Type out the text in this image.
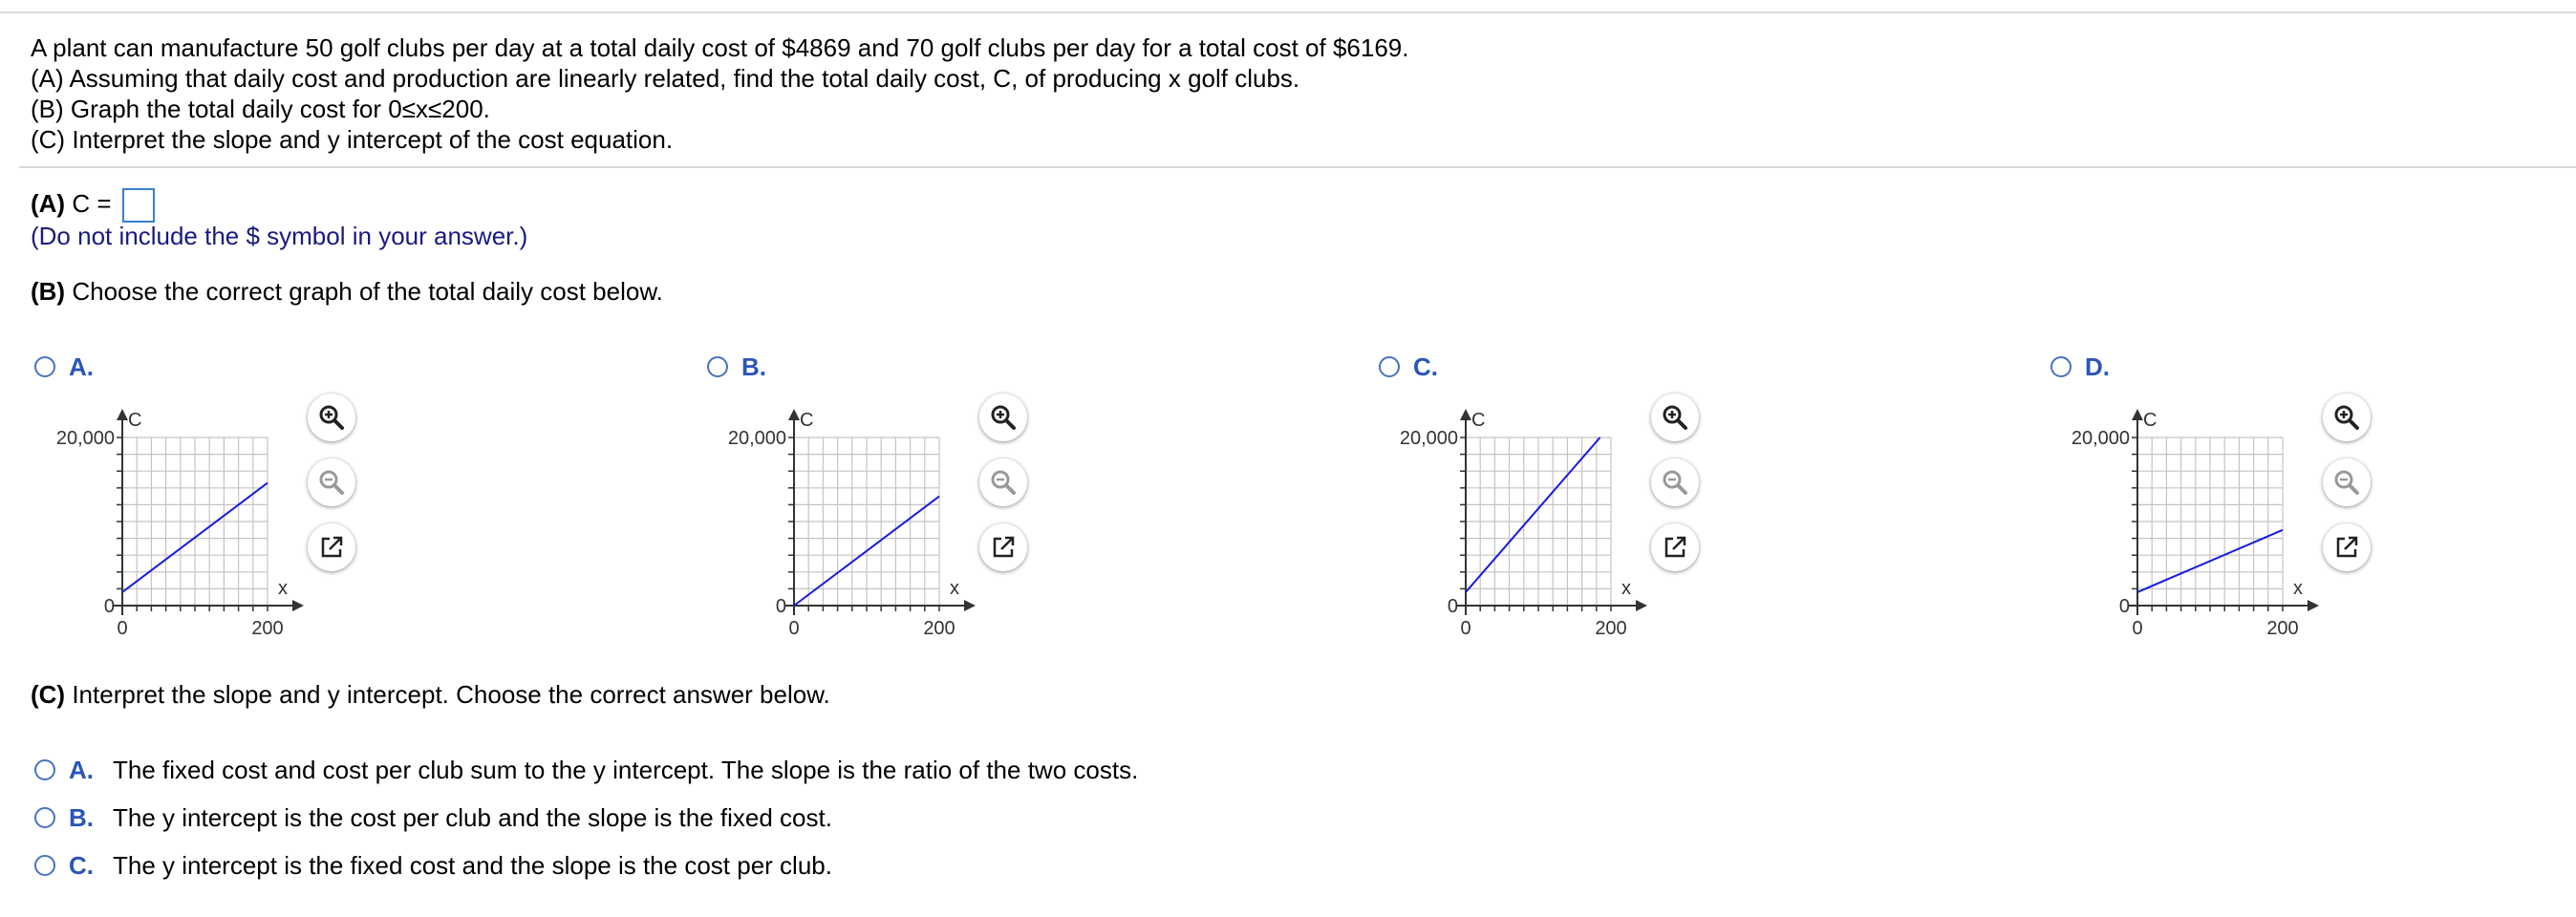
A plant can manufacture 50 golf clubs per day at a total daily cost of $4869 and 70 golf clubs per day for a total cost of $6169.
(A) Assuming that daily cost and production are linearly related, find the total daily cost, C, of producing x golf clubs.
(B) Graph the total daily cost for 0≤x≤200.
(C) Interpret the slope and y intercept of the cost equation.
(A) C =
(Do not include the $ symbol in your answer.)
(B) Choose the correct graph of the total daily cost below.
A.	B.	C.	D.
C
x
20,000
0
0	200
C
x
20,000
0
0	200
C
x
20,000
0
0	200
C
x
20,000
0
0	200
(C) Interpret the slope and y intercept. Choose the correct answer below.
A. The fixed cost and cost per club sum to the y intercept. The slope is the ratio of the two costs.
B. The y intercept is the cost per club and the slope is the fixed cost.
C. The y intercept is the fixed cost and the slope is the cost per club.
